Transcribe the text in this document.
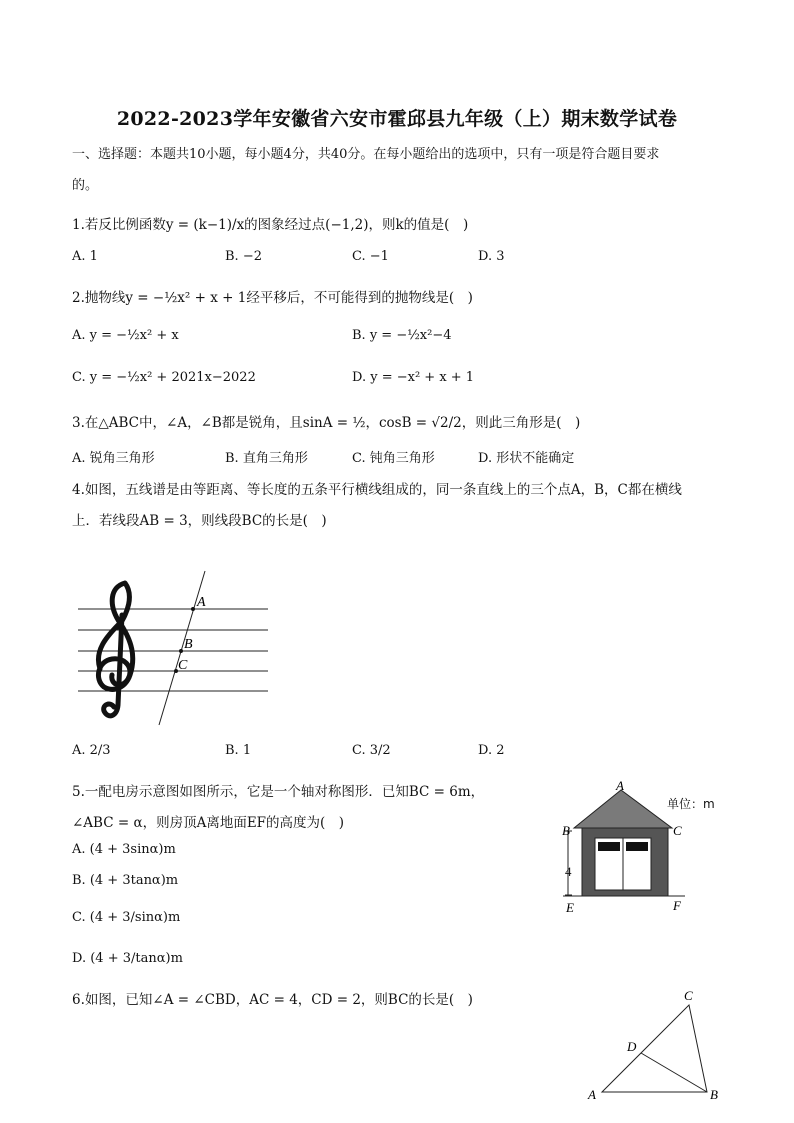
2022-2023学年安徽省六安市霍邱县九年级（上）期末数学试卷
一、选择题：本题共10小题，每小题4分，共40分。在每小题给出的选项中，只有一项是符合题目要求
的。
1.若反比例函数y = (k−1)/x的图象经过点(−1,2)，则k的值是(　)
A. 1	B. −2	C. −1	D. 3
2.抛物线y = −½x² + x + 1经平移后，不可能得到的抛物线是(　)
A. y = −½x² + x	B. y = −½x²−4
C. y = −½x² + 2021x−2022	D. y = −x² + x + 1
3.在△ABC中，∠A，∠B都是锐角，且sinA = ½，cosB = √2/2，则此三角形是(　)
A. 锐角三角形	B. 直角三角形	C. 钝角三角形	D. 形状不能确定
4.如图，五线谱是由等距离、等长度的五条平行横线组成的，同一条直线上的三个点A，B，C都在横线
上．若线段AB = 3，则线段BC的长是(　)
A
B
C
A. 2/3	B. 1	C. 3/2	D. 2
5.一配电房示意图如图所示，它是一个轴对称图形．已知BC = 6m，
∠ABC = α，则房顶A离地面EF的高度为(　)
A. (4 + 3sinα)m
B. (4 + 3tanα)m
C. (4 + 3/sinα)m
D. (4 + 3/tanα)m
4
A
B	C
E	F
单位：m
6.如图，已知∠A = ∠CBD，AC = 4，CD = 2，则BC的长是(　)	C
D
A	B
